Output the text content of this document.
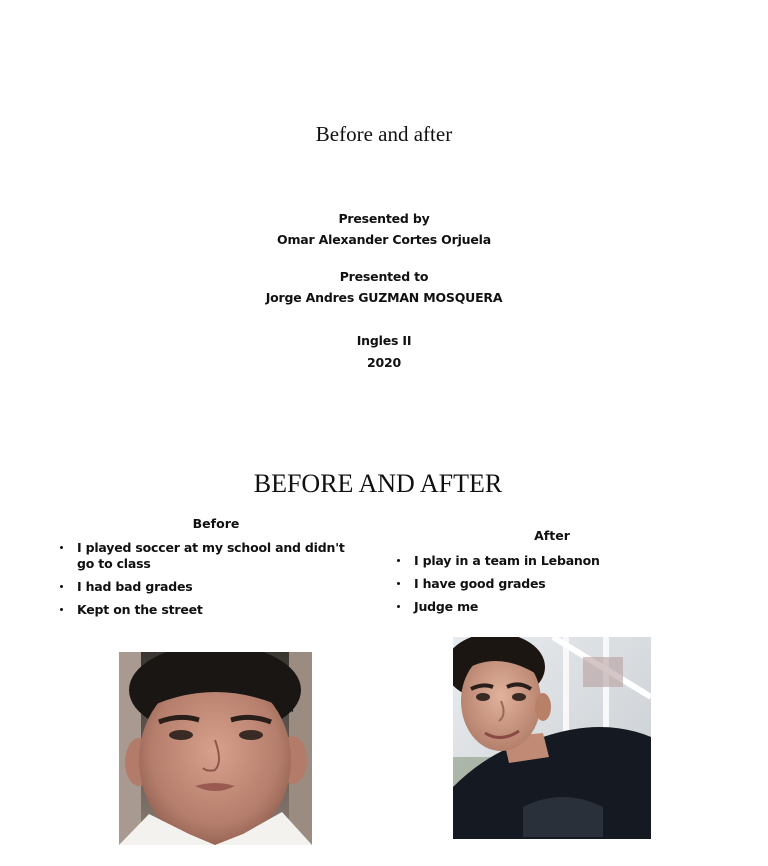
Before and after
Presented by
Omar Alexander Cortes Orjuela
Presented to
Jorge Andres GUZMAN MOSQUERA
Ingles II
2020
BEFORE AND AFTER
Before
I played soccer at my school and didn't go to class
I had bad grades
Kept on the street
After
I play in a team in Lebanon
I have good grades
Judge me
